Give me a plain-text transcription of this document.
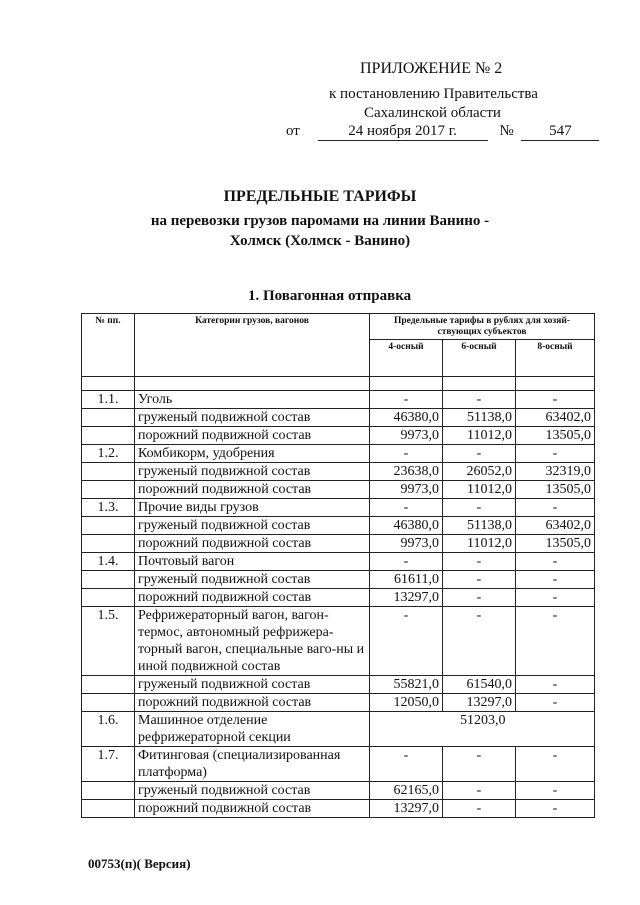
ПРИЛОЖЕНИЕ № 2
к постановлению Правительства
Сахалинской области
от	24 ноября 2017 г.	№ 547
ПРЕДЕЛЬНЫЕ ТАРИФЫ
на перевозки грузов паромами на линии Ванино -
Холмск (Холмск - Ванино)
1. Повагонная отправка
№ пп.	Категории грузов, вагонов	Предельные тарифы в рублях для хозяй-ствующих субъектов		
		4-осный	6-осный	8-осный

1.1.	Уголь	-	-	-
	груженый подвижной состав	46380,0	51138,0	63402,0
	порожний подвижной состав	9973,0	11012,0	13505,0
1.2.	Комбикорм, удобрения	-	-	-
	груженый подвижной состав	23638,0	26052,0	32319,0
	порожний подвижной состав	9973,0	11012,0	13505,0
1.3.	Прочие виды грузов	-	-	-
	груженый подвижной состав	46380,0	51138,0	63402,0
	порожний подвижной состав	9973,0	11012,0	13505,0
1.4.	Почтовый вагон	-	-	-
	груженый подвижной состав	61611,0	-	-
	порожний подвижной состав	13297,0	-	-
1.5.	Рефрижераторный вагон, вагон-термос, автономный рефрижера-торный вагон, специальные ваго-ны и иной подвижной состав	-	-	-
	груженый подвижной состав	55821,0	61540,0	-
	порожний подвижной состав	12050,0	13297,0	-
1.6.	Машинное отделение рефрижераторной секции	51203,0		
1.7.	Фитинговая (специализированная платформа)	-	-	-
	груженый подвижной состав	62165,0	-	-
	порожний подвижной состав	13297,0	-	-
00753(п)( Версия)
